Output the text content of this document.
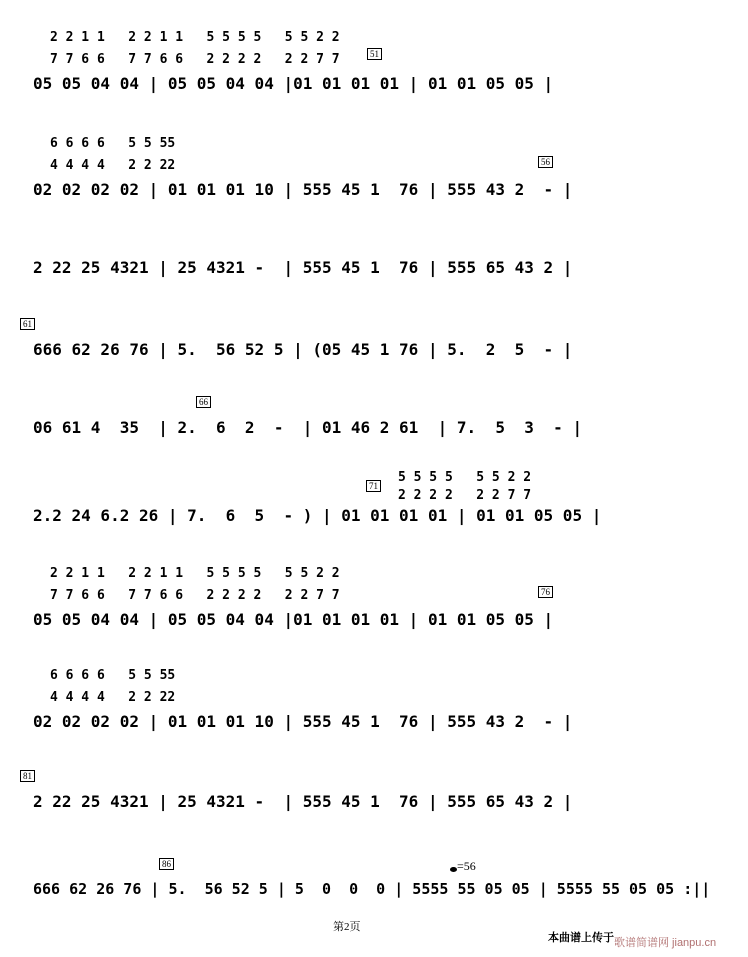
2 2 1 1   2 2 1 1   5 5 5 5   5 5 2 2
7 7 6 6   7 7 6 6   2 2 2 2   2 2 7 7	51
05 05 04 04 | 05 05 04 04 |01 01 01 01 | 01 01 05 05 |
6 6 6 6   5 5 55
4 4 4 4   2 2 22	56
02 02 02 02 | 01 01 01 10 | 555 45 1  76 | 555 43 2  - |
2 22 25 4321 | 25 4321 -  | 555 45 1  76 | 555 65 43 2 |
61
666 62 26 76 | 5.  56 52 5 | (05 45 1 76 | 5.  2  5  - |
66
06 61 4  35  | 2.  6  2  -  | 01 46 2 61  | 7.  5  3  - |
71
5 5 5 5   5 5 2 2
2 2 2 2   2 2 7 7
2.2 24 6.2 26 | 7.  6  5  - ) | 01 01 01 01 | 01 01 05 05 |
2 2 1 1   2 2 1 1   5 5 5 5   5 5 2 2
7 7 6 6   7 7 6 6   2 2 2 2   2 2 7 7	76
05 05 04 04 | 05 05 04 04 |01 01 01 01 | 01 01 05 05 |
6 6 6 6   5 5 55
4 4 4 4   2 2 22
02 02 02 02 | 01 01 01 10 | 555 45 1  76 | 555 43 2  - |
81
2 22 25 4321 | 25 4321 -  | 555 45 1  76 | 555 65 43 2 |
86
666 62 26 76 | 5.  56 52 5 | 5  0  0  0 | 5555 55 05 05 | 5555 55 05 05 :||
=56
第2页
本曲谱上传于 歌谱简谱网 jianpu.cn
